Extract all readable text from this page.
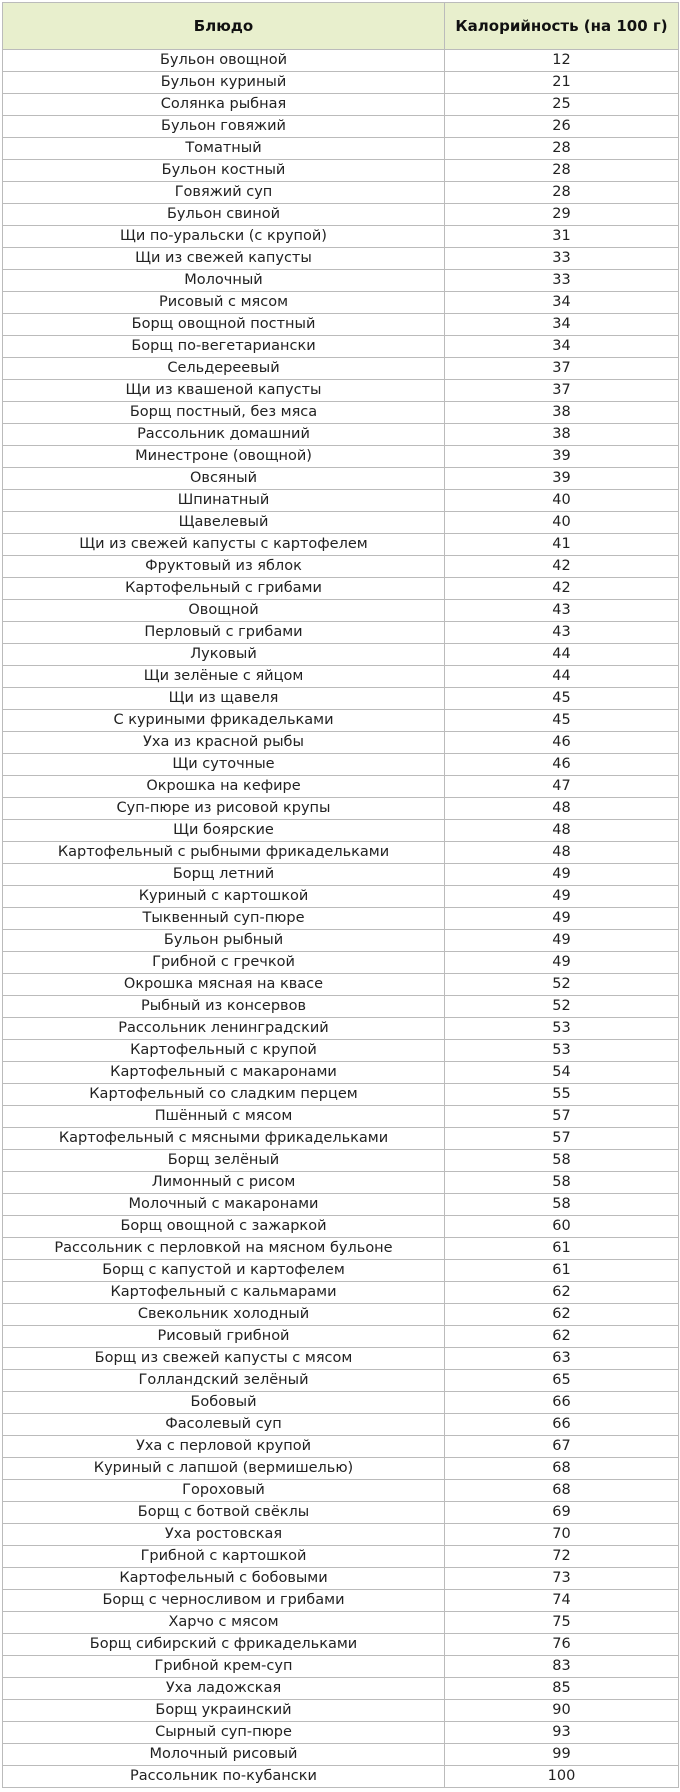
Блюдо	Калорийность (на 100 г)
Бульон овощной	12
Бульон куриный	21
Солянка рыбная	25
Бульон говяжий	26
Томатный	28
Бульон костный	28
Говяжий суп	28
Бульон свиной	29
Щи по-уральски (с крупой)	31
Щи из свежей капусты	33
Молочный	33
Рисовый с мясом	34
Борщ овощной постный	34
Борщ по-вегетариански	34
Сельдереевый	37
Щи из квашеной капусты	37
Борщ постный, без мяса	38
Рассольник домашний	38
Минестроне (овощной)	39
Овсяный	39
Шпинатный	40
Щавелевый	40
Щи из свежей капусты с картофелем	41
Фруктовый из яблок	42
Картофельный с грибами	42
Овощной	43
Перловый с грибами	43
Луковый	44
Щи зелёные с яйцом	44
Щи из щавеля	45
С куриными фрикадельками	45
Уха из красной рыбы	46
Щи суточные	46
Окрошка на кефире	47
Суп-пюре из рисовой крупы	48
Щи боярские	48
Картофельный с рыбными фрикадельками	48
Борщ летний	49
Куриный с картошкой	49
Тыквенный суп-пюре	49
Бульон рыбный	49
Грибной с гречкой	49
Окрошка мясная на квасе	52
Рыбный из консервов	52
Рассольник ленинградский	53
Картофельный с крупой	53
Картофельный с макаронами	54
Картофельный со сладким перцем	55
Пшённый с мясом	57
Картофельный с мясными фрикадельками	57
Борщ зелёный	58
Лимонный с рисом	58
Молочный с макаронами	58
Борщ овощной с зажаркой	60
Рассольник с перловкой на мясном бульоне	61
Борщ с капустой и картофелем	61
Картофельный с кальмарами	62
Свекольник холодный	62
Рисовый грибной	62
Борщ из свежей капусты с мясом	63
Голландский зелёный	65
Бобовый	66
Фасолевый суп	66
Уха с перловой крупой	67
Куриный с лапшой (вермишелью)	68
Гороховый	68
Борщ с ботвой свёклы	69
Уха ростовская	70
Грибной с картошкой	72
Картофельный с бобовыми	73
Борщ с черносливом и грибами	74
Харчо с мясом	75
Борщ сибирский с фрикадельками	76
Грибной крем-суп	83
Уха ладожская	85
Борщ украинский	90
Сырный суп-пюре	93
Молочный рисовый	99
Рассольник по-кубански	100
